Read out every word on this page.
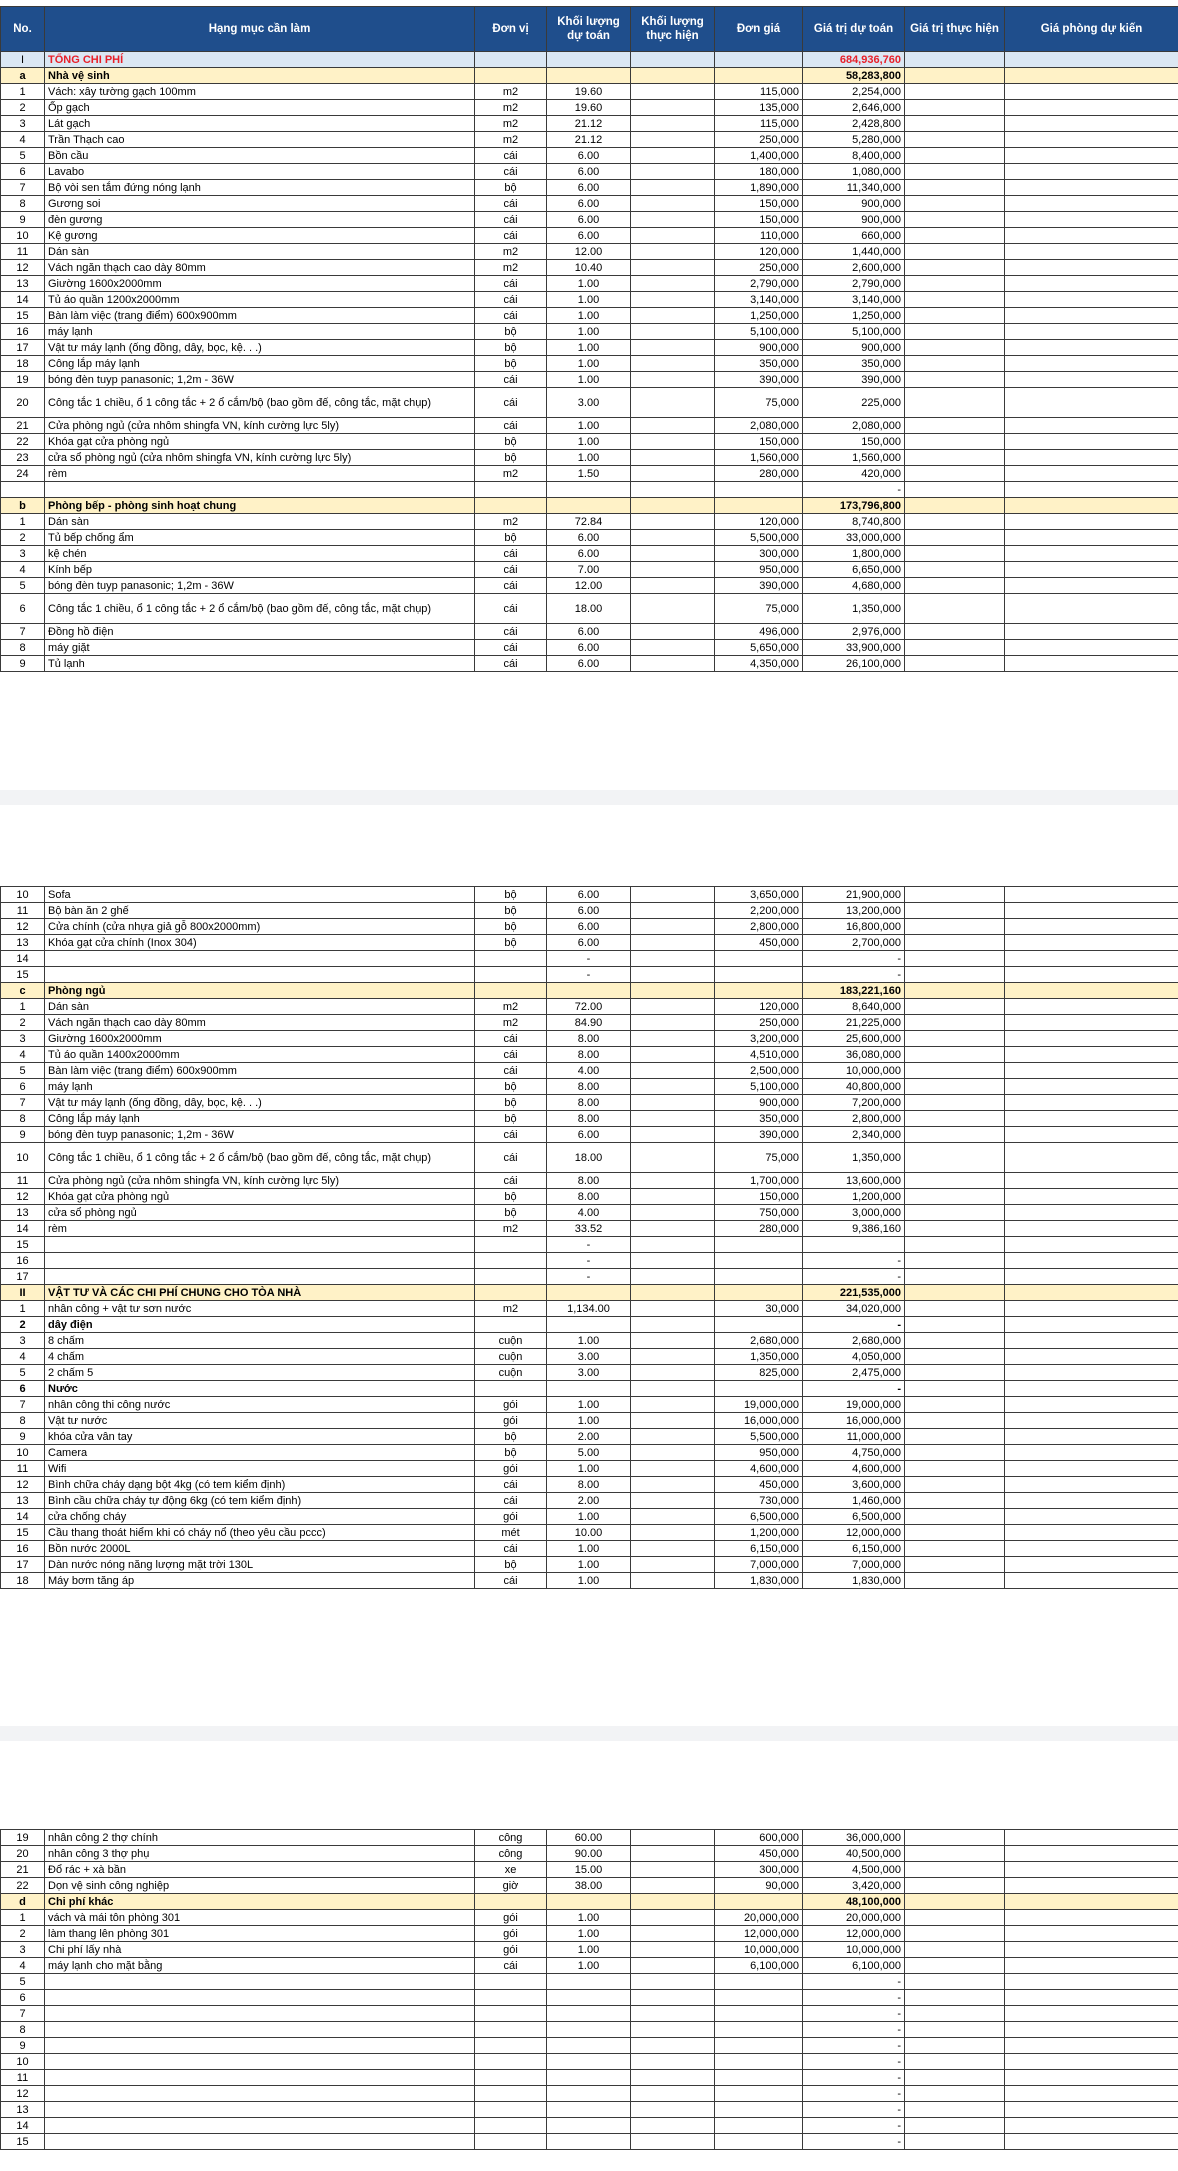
No.	Hạng mục cần làm	Đơn vị	Khối lượng dự toán	Khối lượng thực hiện	Đơn giá	Giá trị dự toán	Giá trị thực hiện	Giá phòng dự kiến
I	TỔNG CHI PHÍ					684,936,760		
a	Nhà vệ sinh					58,283,800		
1	Vách: xây tường gạch 100mm	m2	19.60		115,000	2,254,000		
2	Ốp gạch	m2	19.60		135,000	2,646,000		
3	Lát gạch	m2	21.12		115,000	2,428,800		
4	Trần Thạch cao	m2	21.12		250,000	5,280,000		
5	Bồn cầu	cái	6.00		1,400,000	8,400,000		
6	Lavabo	cái	6.00		180,000	1,080,000		
7	Bộ vòi sen tắm đứng nóng lạnh	bộ	6.00		1,890,000	11,340,000		
8	Gương soi	cái	6.00		150,000	900,000		
9	đèn gương	cái	6.00		150,000	900,000		
10	Kệ gương	cái	6.00		110,000	660,000		
11	Dán sàn	m2	12.00		120,000	1,440,000		
12	Vách ngăn thạch cao dày 80mm	m2	10.40		250,000	2,600,000		
13	Giường 1600x2000mm	cái	1.00		2,790,000	2,790,000		
14	Tủ áo quần 1200x2000mm	cái	1.00		3,140,000	3,140,000		
15	Bàn làm việc (trang điểm) 600x900mm	cái	1.00		1,250,000	1,250,000		
16	máy lạnh	bộ	1.00		5,100,000	5,100,000		
17	Vật tư máy lạnh (ống đồng, dây, bọc, kệ. . .)	bộ	1.00		900,000	900,000		
18	Công lắp máy lạnh	bộ	1.00		350,000	350,000		
19	bóng đèn tuyp panasonic; 1,2m - 36W	cái	1.00		390,000	390,000		
20	Công tắc 1 chiều, ổ 1 công tắc + 2 ổ cắm/bộ (bao gồm đế, công tắc, mặt chụp)	cái	3.00		75,000	225,000		
21	Cửa phòng ngủ (cửa nhôm shingfa VN, kính cường lực 5ly)	cái	1.00		2,080,000	2,080,000		
22	Khóa gạt cửa phòng ngủ	bộ	1.00		150,000	150,000		
23	cửa sổ phòng ngủ (cửa nhôm shingfa VN, kính cường lực 5ly)	bộ	1.00		1,560,000	1,560,000		
24	rèm	m2	1.50		280,000	420,000		
						-		
b	Phòng bếp - phòng sinh hoạt chung					173,796,800		
1	Dán sàn	m2	72.84		120,000	8,740,800		
2	Tủ bếp chống ẩm	bộ	6.00		5,500,000	33,000,000		
3	kệ chén	cái	6.00		300,000	1,800,000		
4	Kính bếp	cái	7.00		950,000	6,650,000		
5	bóng đèn tuyp panasonic; 1,2m - 36W	cái	12.00		390,000	4,680,000		
6	Công tắc 1 chiều, ổ 1 công tắc + 2 ổ cắm/bộ (bao gồm đế, công tắc, mặt chụp)	cái	18.00		75,000	1,350,000		
7	Đồng hồ điện	cái	6.00		496,000	2,976,000		
8	máy giặt	cái	6.00		5,650,000	33,900,000		
9	Tủ lạnh	cái	6.00		4,350,000	26,100,000		
10	Sofa	bộ	6.00		3,650,000	21,900,000		
11	Bộ bàn ăn 2 ghế	bộ	6.00		2,200,000	13,200,000		
12	Cửa chính (cửa nhựa giả gỗ 800x2000mm)	bộ	6.00		2,800,000	16,800,000		
13	Khóa gạt cửa chính (Inox 304)	bộ	6.00		450,000	2,700,000		
14			-			-		
15			-			-		
c	Phòng ngủ					183,221,160		
1	Dán sàn	m2	72.00		120,000	8,640,000		
2	Vách ngăn thạch cao dày 80mm	m2	84.90		250,000	21,225,000		
3	Giường 1600x2000mm	cái	8.00		3,200,000	25,600,000		
4	Tủ áo quần 1400x2000mm	cái	8.00		4,510,000	36,080,000		
5	Bàn làm việc (trang điểm) 600x900mm	cái	4.00		2,500,000	10,000,000		
6	máy lạnh	bộ	8.00		5,100,000	40,800,000		
7	Vật tư máy lạnh (ống đồng, dây, bọc, kệ. . .)	bộ	8.00		900,000	7,200,000		
8	Công lắp máy lạnh	bộ	8.00		350,000	2,800,000		
9	bóng đèn tuyp panasonic; 1,2m - 36W	cái	6.00		390,000	2,340,000		
10	Công tắc 1 chiều, ổ 1 công tắc + 2 ổ cắm/bộ (bao gồm đế, công tắc, mặt chụp)	cái	18.00		75,000	1,350,000		
11	Cửa phòng ngủ (cửa nhôm shingfa VN, kính cường lực 5ly)	cái	8.00		1,700,000	13,600,000		
12	Khóa gạt cửa phòng ngủ	bộ	8.00		150,000	1,200,000		
13	cửa sổ phòng ngủ	bộ	4.00		750,000	3,000,000		
14	rèm	m2	33.52		280,000	9,386,160		
15			-					
16			-			-		
17			-			-		
II	VẬT TƯ VÀ CÁC CHI PHÍ CHUNG CHO TÒA NHÀ					221,535,000		
1	nhân công + vật tư sơn nước	m2	1,134.00		30,000	34,020,000		
2	dây điện					-		
3	8 chấm	cuộn	1.00		2,680,000	2,680,000		
4	4 chấm	cuộn	3.00		1,350,000	4,050,000		
5	2 chấm 5	cuộn	3.00		825,000	2,475,000		
6	Nước					-		
7	nhân công thi công nước	gói	1.00		19,000,000	19,000,000		
8	Vật tư nước	gói	1.00		16,000,000	16,000,000		
9	khóa cửa vân tay	bộ	2.00		5,500,000	11,000,000		
10	Camera	bộ	5.00		950,000	4,750,000		
11	Wifi	gói	1.00		4,600,000	4,600,000		
12	Bình chữa cháy dạng bột 4kg (có tem kiểm định)	cái	8.00		450,000	3,600,000		
13	Bình cầu chữa cháy tự động 6kg (có tem kiểm định)	cái	2.00		730,000	1,460,000		
14	cửa chống cháy	gói	1.00		6,500,000	6,500,000		
15	Cầu thang thoát hiểm khi có cháy nổ (theo yêu cầu pccc)	mét	10.00		1,200,000	12,000,000		
16	Bồn nước 2000L	cái	1.00		6,150,000	6,150,000		
17	Dàn nước nóng năng lượng mặt trời 130L	bộ	1.00		7,000,000	7,000,000		
18	Máy bơm tăng áp	cái	1.00		1,830,000	1,830,000		
19	nhân công 2 thợ chính	công	60.00		600,000	36,000,000		
20	nhân công 3 thợ phụ	công	90.00		450,000	40,500,000		
21	Đổ rác + xà bần	xe	15.00		300,000	4,500,000		
22	Dọn vệ sinh công nghiệp	giờ	38.00		90,000	3,420,000		
d	Chi phí khác					48,100,000		
1	vách và mái tôn phòng 301	gói	1.00		20,000,000	20,000,000		
2	làm thang lên phòng 301	gói	1.00		12,000,000	12,000,000		
3	Chi phí lấy nhà	gói	1.00		10,000,000	10,000,000		
4	máy lạnh cho mặt bằng	cái	1.00		6,100,000	6,100,000		
5						-		
6						-		
7						-		
8						-		
9						-		
10						-		
11						-		
12						-		
13						-		
14						-		
15						-		
